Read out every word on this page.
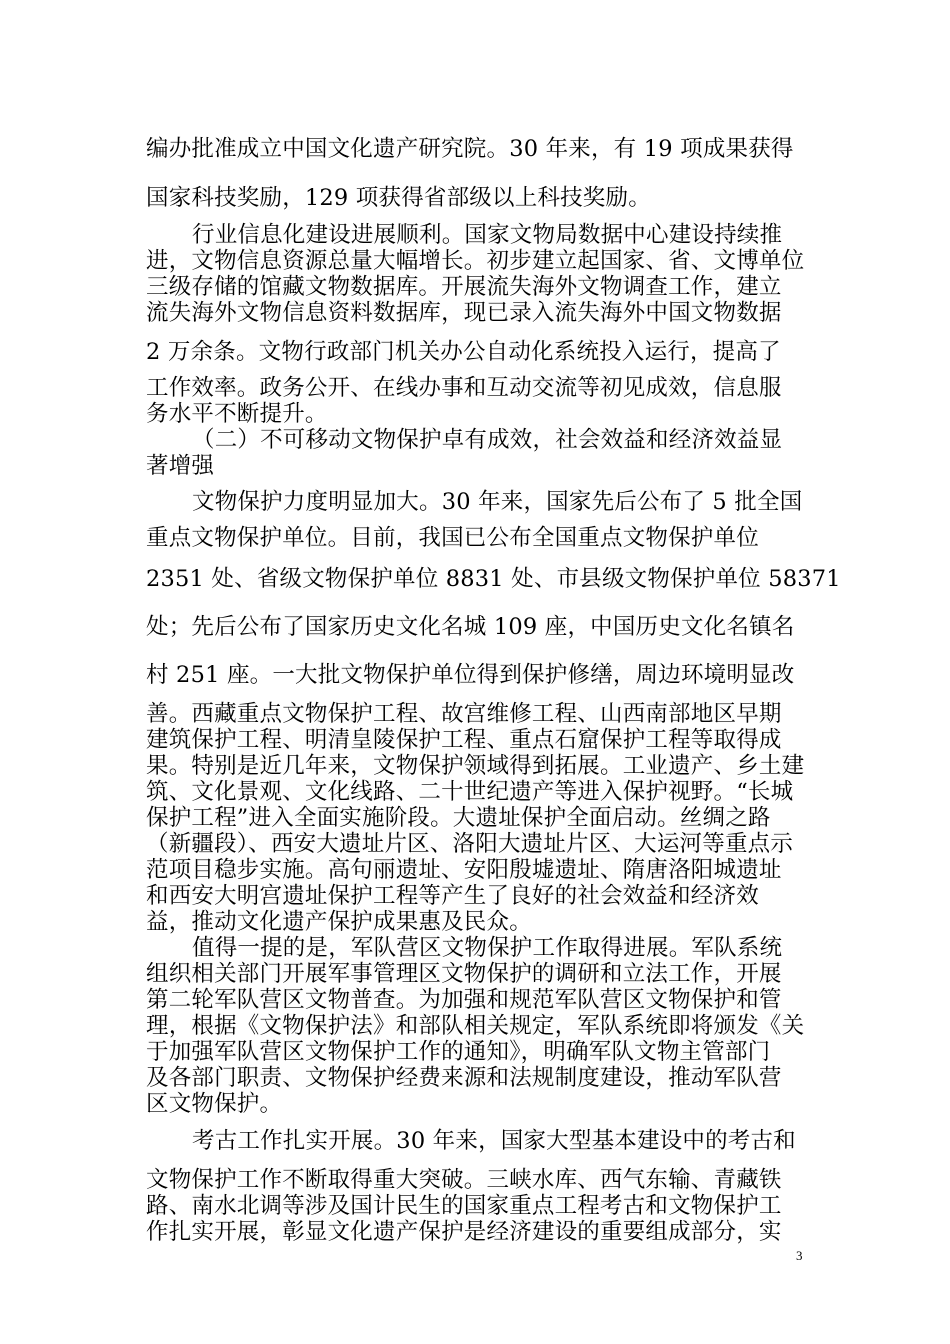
编办批准成立中国文化遗产研究院。30 年来，有 19 项成果获得
国家科技奖励，129 项获得省部级以上科技奖励。
行业信息化建设进展顺利。国家文物局数据中心建设持续推
进，文物信息资源总量大幅增长。初步建立起国家、省、文博单位
三级存储的馆藏文物数据库。开展流失海外文物调查工作，建立
流失海外文物信息资料数据库，现已录入流失海外中国文物数据
2 万余条。文物行政部门机关办公自动化系统投入运行，提高了
工作效率。政务公开、在线办事和互动交流等初见成效，信息服
务水平不断提升。
（二）不可移动文物保护卓有成效，社会效益和经济效益显
著增强
文物保护力度明显加大。30 年来，国家先后公布了 5 批全国
重点文物保护单位。目前，我国已公布全国重点文物保护单位
2351 处、省级文物保护单位 8831 处、市县级文物保护单位 58371
处；先后公布了国家历史文化名城 109 座，中国历史文化名镇名
村 251 座。一大批文物保护单位得到保护修缮，周边环境明显改
善。西藏重点文物保护工程、故宫维修工程、山西南部地区早期
建筑保护工程、明清皇陵保护工程、重点石窟保护工程等取得成
果。特别是近几年来，文物保护领域得到拓展。工业遗产、乡土建
筑、文化景观、文化线路、二十世纪遗产等进入保护视野。“长城
保护工程”进入全面实施阶段。大遗址保护全面启动。丝绸之路
（新疆段）、西安大遗址片区、洛阳大遗址片区、大运河等重点示
范项目稳步实施。高句丽遗址、安阳殷墟遗址、隋唐洛阳城遗址
和西安大明宫遗址保护工程等产生了良好的社会效益和经济效
益，推动文化遗产保护成果惠及民众。
值得一提的是，军队营区文物保护工作取得进展。军队系统
组织相关部门开展军事管理区文物保护的调研和立法工作，开展
第二轮军队营区文物普查。为加强和规范军队营区文物保护和管
理，根据《文物保护法》和部队相关规定，军队系统即将颁发《关
于加强军队营区文物保护工作的通知》，明确军队文物主管部门
及各部门职责、文物保护经费来源和法规制度建设，推动军队营
区文物保护。
考古工作扎实开展。30 年来，国家大型基本建设中的考古和
文物保护工作不断取得重大突破。三峡水库、西气东输、青藏铁
路、南水北调等涉及国计民生的国家重点工程考古和文物保护工
作扎实开展，彰显文化遗产保护是经济建设的重要组成部分，实
3
